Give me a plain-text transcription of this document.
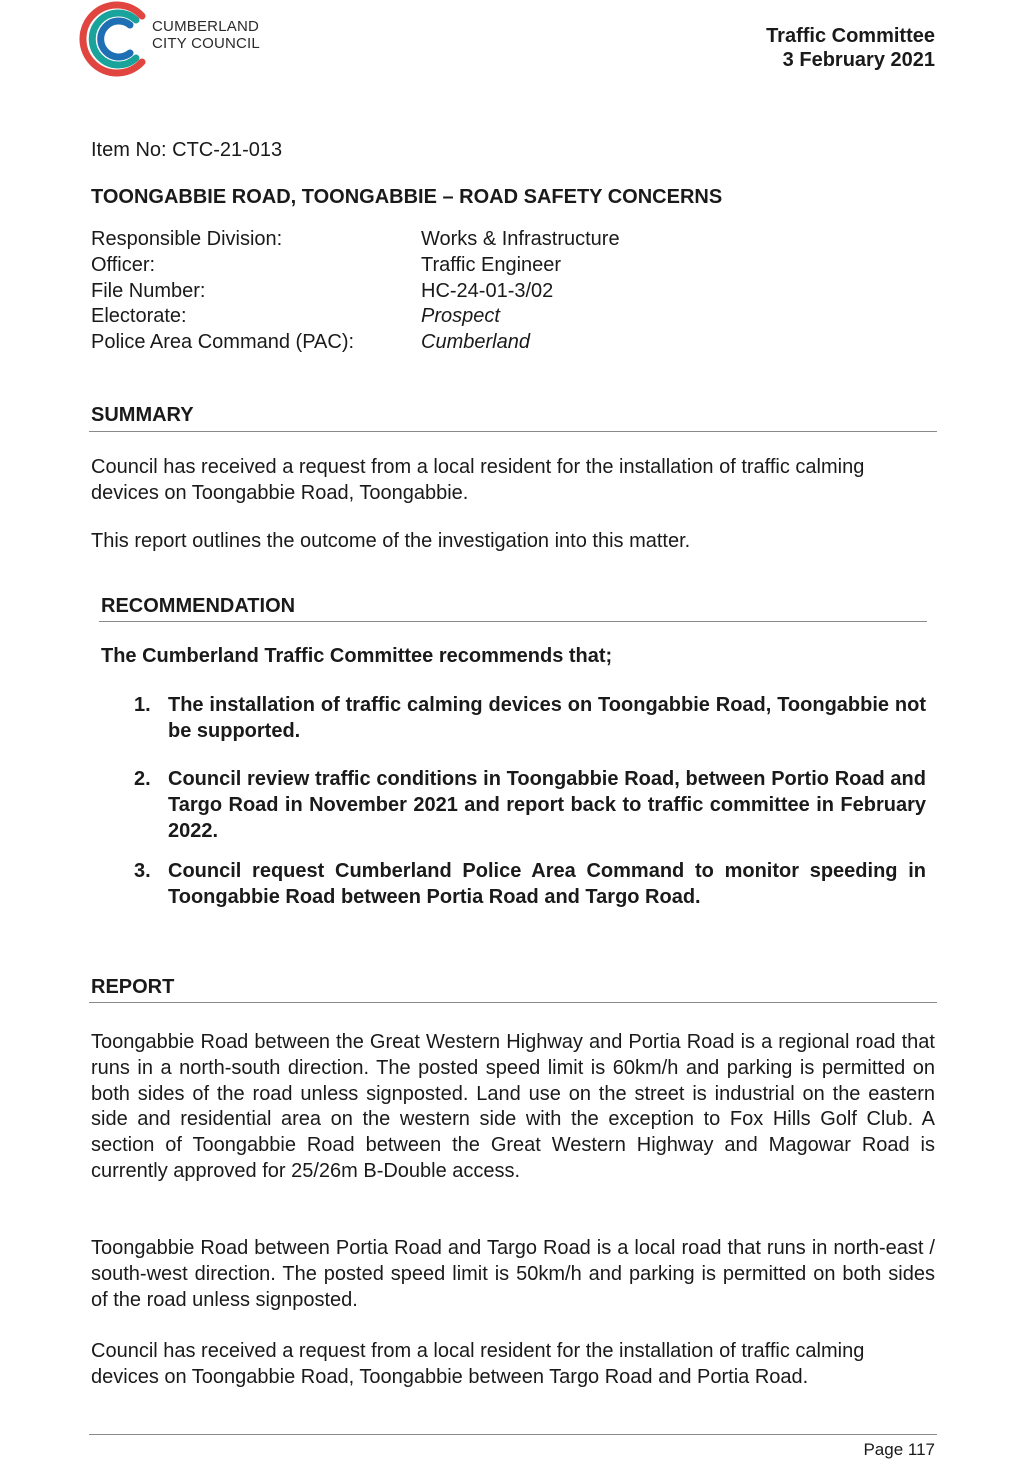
CUMBERLAND
CITY COUNCIL	Traffic Committee
3 February 2021
Item No: CTC-21-013
TOONGABBIE ROAD, TOONGABBIE – ROAD SAFETY CONCERNS
Responsible Division:	Works & Infrastructure
Officer:	Traffic Engineer
File Number:	HC-24-01-3/02
Electorate:	Prospect
Police Area Command (PAC):	Cumberland
SUMMARY
Council has received a request from a local resident for the installation of traffic calming devices on Toongabbie Road, Toongabbie.
This report outlines the outcome of the investigation into this matter.
RECOMMENDATION
The Cumberland Traffic Committee recommends that;
1. The installation of traffic calming devices on Toongabbie Road, Toongabbie not be supported.
2. Council review traffic conditions in Toongabbie Road, between Portio Road and Targo Road in November 2021 and report back to traffic committee in February 2022.
3. Council request Cumberland Police Area Command to monitor speeding in Toongabbie Road between Portia Road and Targo Road.
REPORT
Toongabbie Road between the Great Western Highway and Portia Road is a regional road that runs in a north-south direction. The posted speed limit is 60km/h and parking is permitted on both sides of the road unless signposted. Land use on the street is industrial on the eastern side and residential area on the western side with the exception to Fox Hills Golf Club. A section of Toongabbie Road between the Great Western Highway and Magowar Road is currently approved for 25/26m B-Double access.
Toongabbie Road between Portia Road and Targo Road is a local road that runs in north-east / south-west direction. The posted speed limit is 50km/h and parking is permitted on both sides of the road unless signposted.
Council has received a request from a local resident for the installation of traffic calming devices on Toongabbie Road, Toongabbie between Targo Road and Portia Road.
Page 117
